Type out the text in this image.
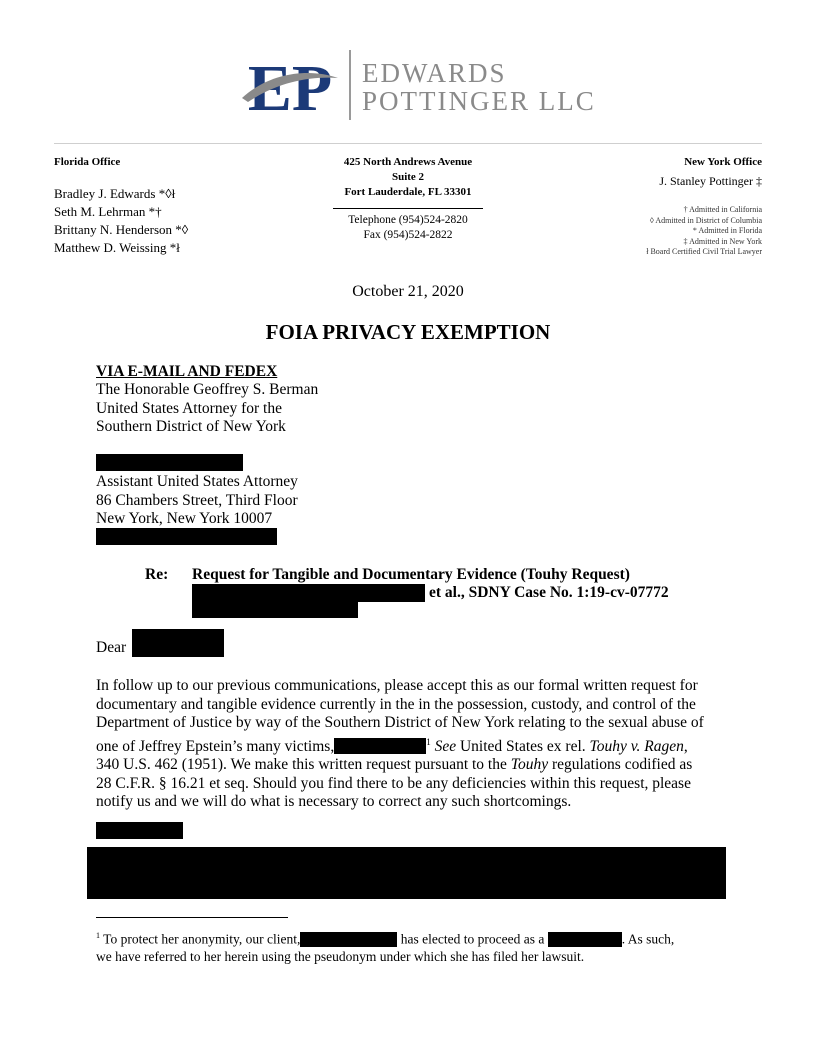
EP EDWARDS
POTTINGER LLC
Florida Office
Bradley J. Edwards *◊ł
Seth M. Lehrman *†
Brittany N. Henderson *◊
Matthew D. Weissing *ł
425 North Andrews Avenue
Suite 2
Fort Lauderdale, FL 33301
Telephone (954)524-2820
Fax (954)524-2822
New York Office
J. Stanley Pottinger ‡
† Admitted in California
◊ Admitted in District of Columbia
* Admitted in Florida
‡ Admitted in New York
ł Board Certified Civil Trial Lawyer
October 21, 2020
FOIA PRIVACY EXEMPTION
VIA E-MAIL AND FEDEX
The Honorable Geoffrey S. Berman
United States Attorney for the
Southern District of New York
Assistant United States Attorney
86 Chambers Street, Third Floor
New York, New York 10007
Re: Request for Tangible and Documentary Evidence (Touhy Request)
et al., SDNY Case No. 1:19-cv-07772
Dear
In follow up to our previous communications, please accept this as our formal written request for
documentary and tangible evidence currently in the in the possession, custody, and control of the
Department of Justice by way of the Southern District of New York relating to the sexual abuse of
one of Jeffrey Epstein’s many victims,	$^1$ See United States ex rel. Touhy v. Ragen,
340 U.S. 462 (1951). We make this written request pursuant to the Touhy regulations codified as
28 C.F.R. § 16.21 et seq. Should you find there to be any deficiencies within this request, please
notify us and we will do what is necessary to correct any such shortcomings.
$^1$ To protect her anonymity, our client,	has elected to proceed as a	. As such,
we have referred to her herein using the pseudonym under which she has filed her lawsuit.
